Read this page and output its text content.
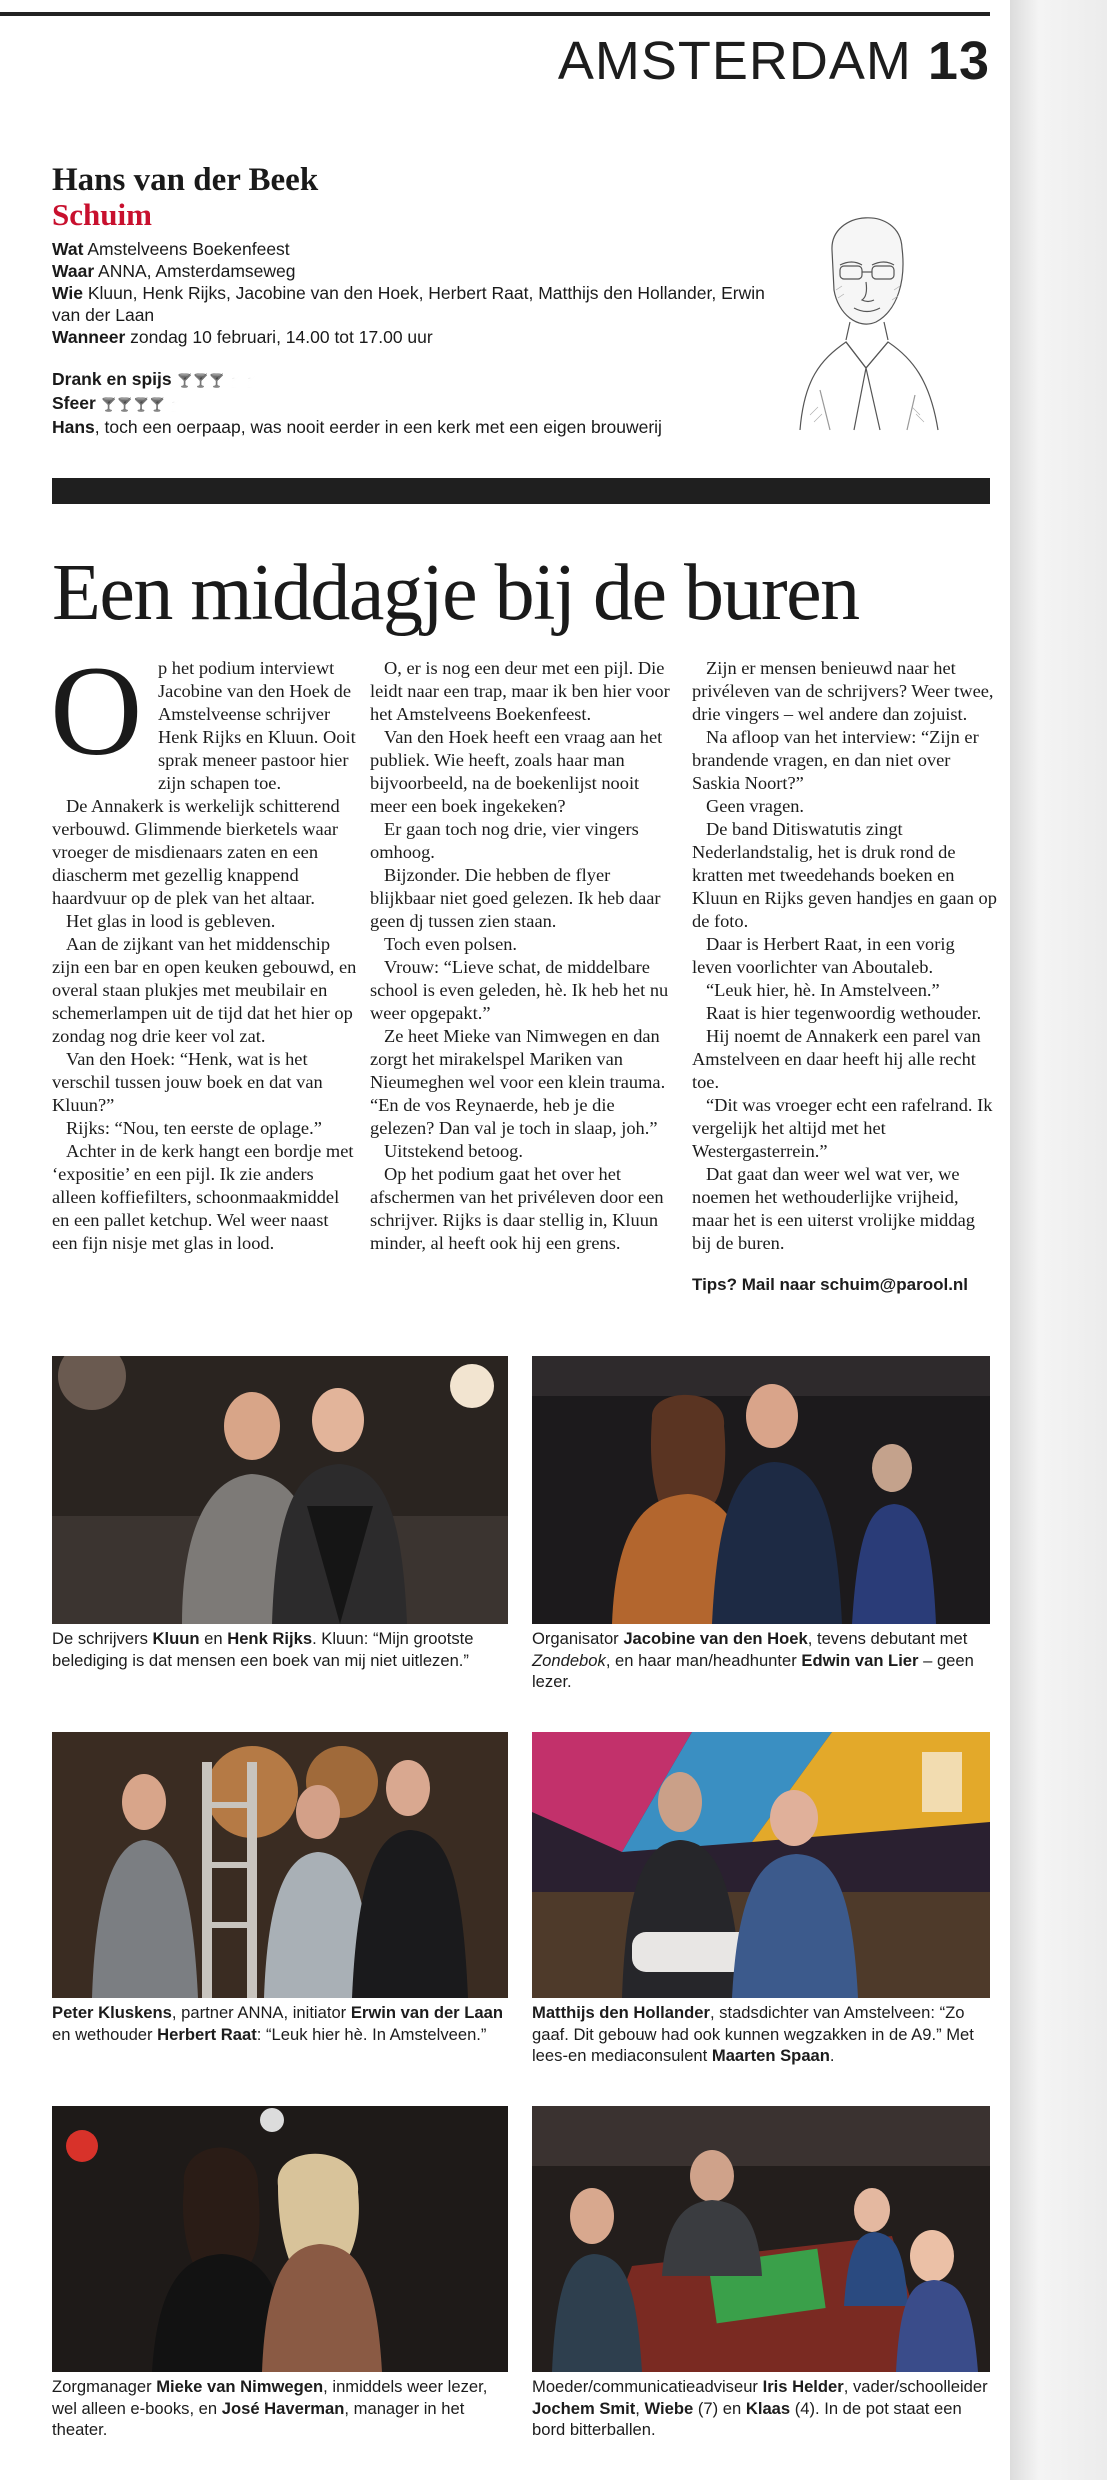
AMSTERDAM 13
Hans van der Beek
Schuim
Wat Amstelveens Boekenfeest
Waar ANNA, Amsterdamseweg
Wie Kluun, Henk Rijks, Jacobine van den Hoek, Herbert Raat, Matthijs den Hollander, Erwin van der Laan
Wanneer zondag 10 februari, 14.00 tot 17.00 uur
Drank en spijs 🍸🍸🍸🍸🍸
Sfeer 🍸🍸🍸🍸🍸
Hans, toch een oerpaap, was nooit eerder in een kerk met een eigen brouwerij
Een middagje bij de buren
O p het podium interviewt Jacobine van den Hoek de Amstelveense schrijver Henk Rijks en Kluun. Ooit sprak meneer pastoor hier zijn schapen toe.

De Annakerk is werkelijk schitterend verbouwd. Glimmende bierketels waar vroeger de misdienaars zaten en een diascherm met gezellig knappend haardvuur op de plek van het altaar.

Het glas in lood is gebleven.

Aan de zijkant van het middenschip zijn een bar en open keuken gebouwd, en overal staan plukjes met meubilair en schemerlampen uit de tijd dat het hier op zondag nog drie keer vol zat.

Van den Hoek: “Henk, wat is het verschil tussen jouw boek en dat van Kluun?”

Rijks: “Nou, ten eerste de oplage.”

Achter in de kerk hangt een bordje met ‘expositie’ en een pijl. Ik zie anders alleen koffiefilters, schoonmaakmiddel en een pallet ketchup. Wel weer naast een fijn nisje met glas in lood.

O, er is nog een deur met een pijl. Die leidt naar een trap, maar ik ben hier voor het Amstelveens Boekenfeest.

Van den Hoek heeft een vraag aan het publiek. Wie heeft, zoals haar man bijvoorbeeld, na de boekenlijst nooit meer een boek ingekeken?

Er gaan toch nog drie, vier vingers omhoog.

Bijzonder. Die hebben de flyer blijkbaar niet goed gelezen. Ik heb daar geen dj tussen zien staan.

Toch even polsen.

Vrouw: “Lieve schat, de middelbare school is even geleden, hè. Ik heb het nu weer opgepakt.”

Ze heet Mieke van Nimwegen en dan zorgt het mirakelspel Mariken van Nieumeghen wel voor een klein trauma. “En de vos Reynaerde, heb je die gelezen? Dan val je toch in slaap, joh.”

Uitstekend betoog.

Op het podium gaat het over het afschermen van het privéleven door een schrijver. Rijks is daar stellig in, Kluun minder, al heeft ook hij een grens.

Zijn er mensen benieuwd naar het privéleven van de schrijvers? Weer twee, drie vingers – wel andere dan zojuist.

Na afloop van het interview: “Zijn er brandende vragen, en dan niet over Saskia Noort?”

Geen vragen.

De band Ditiswatutis zingt Nederlandstalig, het is druk rond de kratten met tweedehands boeken en Kluun en Rijks geven handjes en gaan op de foto.

Daar is Herbert Raat, in een vorig leven voorlichter van Aboutaleb.

“Leuk hier, hè. In Amstelveen.”

Raat is hier tegenwoordig wethouder.

Hij noemt de Annakerk een parel van Amstelveen en daar heeft hij alle recht toe.

“Dit was vroeger echt een rafelrand. Ik vergelijk het altijd met het Westergasterrein.”

Dat gaat dan weer wel wat ver, we noemen het wethouderlijke vrijheid, maar het is een uiterst vrolijke middag bij de buren.

Tips? Mail naar schuim@parool.nl
De schrijvers Kluun en Henk Rijks. Kluun: “Mijn grootste belediging is dat mensen een boek van mij niet uitlezen.”
Organisator Jacobine van den Hoek, tevens debutant met Zondebok, en haar man/headhunter Edwin van Lier – geen lezer.
Peter Kluskens, partner ANNA, initiator Erwin van der Laan en wethouder Herbert Raat: “Leuk hier hè. In Amstelveen.”
Matthijs den Hollander, stadsdichter van Amstelveen: “Zo gaaf. Dit gebouw had ook kunnen wegzakken in de A9.” Met lees-en mediaconsulent Maarten Spaan.
Zorgmanager Mieke van Nimwegen, inmiddels weer lezer, wel alleen e-books, en José Haverman, manager in het theater.
Moeder/communicatieadviseur Iris Helder, vader/schoolleider Jochem Smit, Wiebe (7) en Klaas (4). In de pot staat een bord bitterballen.
